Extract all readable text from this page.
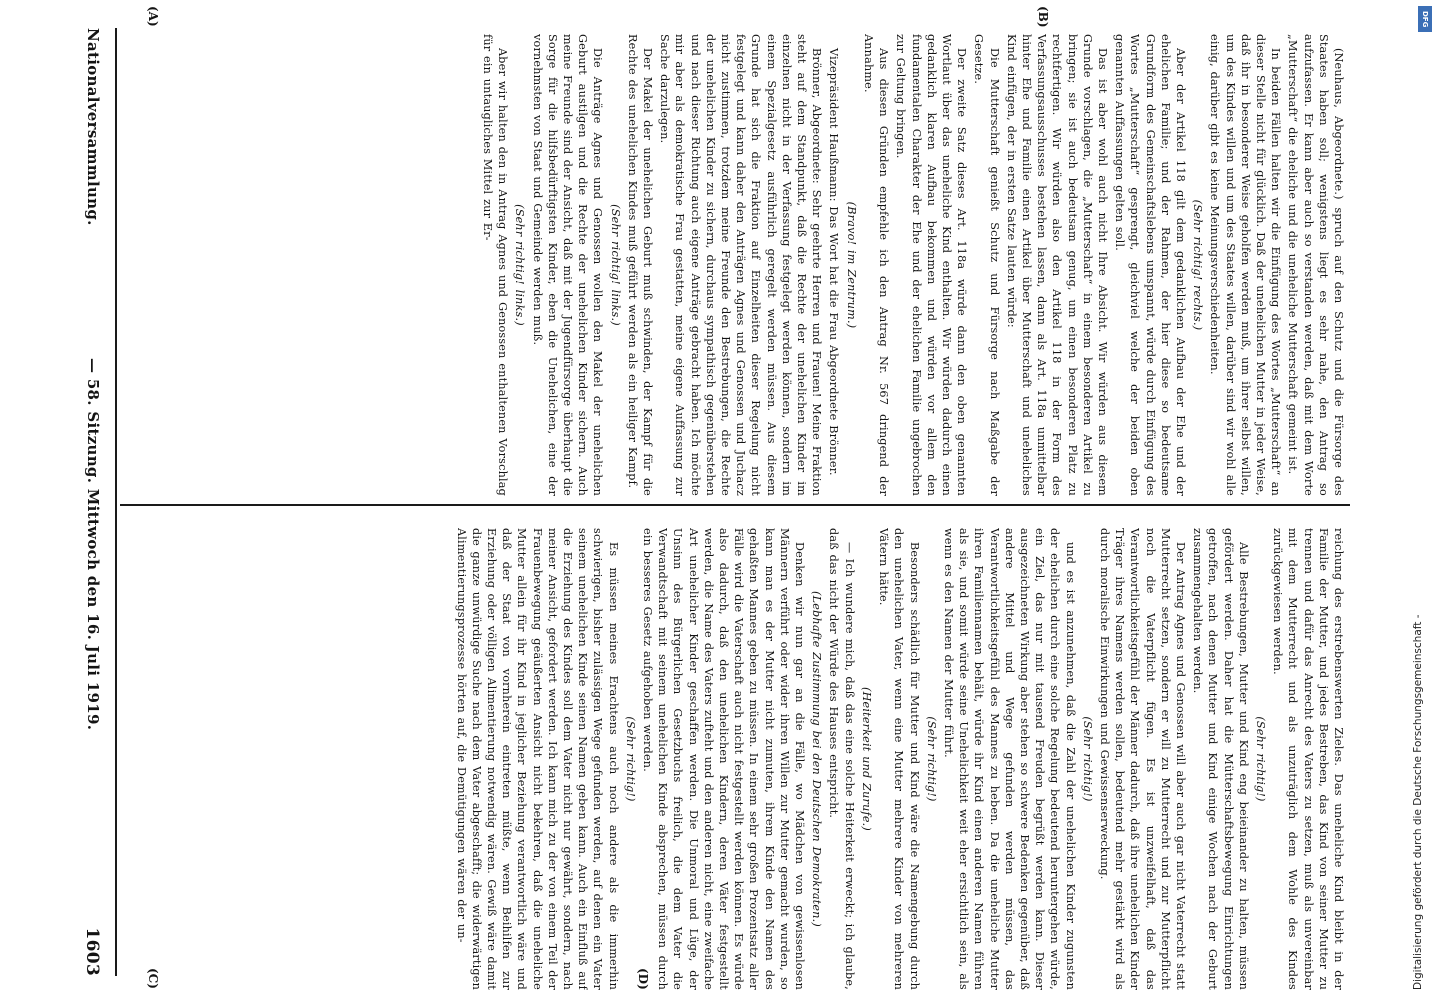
Nationalversammlung.
— 58. Sitzung. Mittwoch den 16. Juli 1919.
1603
(A)	(B)
(C)	(D)

(Neuhaus, Abgeordnete.) spruch auf den Schutz und die Fürsorge des Staates haben soll; wenigstens liegt es sehr nahe, den Antrag so aufzufassen. Er kann aber auch so verstanden werden, daß mit dem Worte „Mutterschaft“ die eheliche und die uneheliche Mutterschaft gemeint ist.

In beiden Fällen halten wir die Einfügung des Wortes „Mutterschaft“ an dieser Stelle nicht für glücklich. Daß der unehelichen Mutter in jeder Weise, daß ihr in besonderer Weise geholfen werden muß, um ihrer selbst willen, um des Kindes willen und um des Staates willen, darüber sind wir wohl alle einig, darüber gibt es keine Meinungsverschiedenheiten.

(Sehr richtig! rechts.)

Aber der Artikel 118 gilt dem gedanklichen Aufbau der Ehe und der ehelichen Familie; und der Rahmen, der hier diese so bedeutsame Grundform des Gemeinschaftslebens umspannt, würde durch Einfügung des Wortes „Mutterschaft“ gesprengt, gleichviel welche der beiden oben genannten Auffassungen gelten soll.

Das ist aber wohl auch nicht Ihre Absicht. Wir würden aus diesem Grunde vorschlagen, die „Mutterschaft“ in einem besonderen Artikel zu bringen; sie ist auch bedeutsam genug, um einen besonderen Platz zu rechtfertigen. Wir würden also den Artikel 118 in der Form des Verfassungsausschusses bestehen lassen, dann als Art. 118a unmittelbar hinter Ehe und Familie einen Artikel über Mutterschaft und uneheliches Kind einfügen, der in ersten Satze lauten würde:

Die Mutterschaft genießt Schutz und Fürsorge nach Maßgabe der Gesetze.

Der zweite Satz dieses Art. 118a würde dann den oben genannten Wortlaut über das uneheliche Kind enthalten. Wir würden dadurch einen gedanklich klaren Aufbau bekommen und würden vor allem den fundamentalen Charakter der Ehe und der ehelichen Familie ungebrochen zur Geltung bringen.

Aus diesen Gründen empfehle ich den Antrag Nr. 567 dringend der Annahme.

(Bravo! im Zentrum.)

Vizepräsident Haußmann: Das Wort hat die Frau Abgeordnete Brönner.

Brönner, Abgeordnete: Sehr geehrte Herren und Frauen! Meine Fraktion steht auf dem Standpunkt, daß die Rechte der unehelichen Kinder im einzelnen nicht in der Verfassung festgelegt werden können, sondern im einem Spezialgesetz ausführlich geregelt werden müssen. Aus diesem Grunde hat sich die Fraktion auf Einzelheiten dieser Regelung nicht festgelegt und kann daher den Anträgen Agnes und Genossen und Juchacz nicht zustimmen, trotzdem meine Freunde den Bestrebungen, die Rechte der unehelichen Kinder zu sichern, durchaus sympathisch gegenüberstehen und nach dieser Richtung auch eigene Anträge gebracht haben. Ich möchte mir aber als demokratische Frau gestatten, meine eigene Auffassung zur Sache darzulegen.

Der Makel der unehelichen Geburt muß schwinden, der Kampf für die Rechte des unehelichen Kindes muß geführt werden als ein heiliger Kampf.

(Sehr richtig! links.)

Die Anträge Agnes und Genossen wollen den Makel der unehelichen Geburt austilgen und die Rechte der unehelichen Kinder sichern. Auch meine Freunde sind der Ansicht, daß mit der Jugendfürsorge überhaupt die Sorge für die hilfsbedürftigsten Kinder, eben die Unehelichen, eine der vornehmsten von Staat und Gemeinde werden muß.

(Sehr richtig! links.)

Aber wir halten den in Antrag Agnes und Genossen enthaltenen Vorschlag für ein untaugliches Mittel zur Er-

reichung des erstrebenswerten Zieles. Das uneheliche Kind bleibt in der Familie der Mutter, und jedes Bestreben, das Kind von seiner Mutter zu trennen und dafür das Anrecht des Vaters zu setzen, muß als unvereinbar mit dem Mutterrecht und als unzuträglich dem Wohle des Kindes zurückgewiesen werden.

(Sehr richtig!)

Alle Bestrebungen, Mutter und Kind eng beieinander zu halten, müssen gefördert werden. Daher hat die Mütterschaftsbewegung Einrichtungen getroffen, nach denen Mutter und Kind einige Wochen nach der Geburt zusammengehalten werden.

Der Antrag Agnes und Genossen will aber auch gar nicht Vaterrecht statt Mutterrecht setzen, sondern er will zu Mutterrecht und zur Mutterpflicht noch die Vaterpflicht fügen. Es ist unzweifelhaft, daß das Verantwortlichkeitsgefühl der Männer dadurch, daß ihre unehelichen Kinder Träger ihres Namens werden sollen, bedeutend mehr gestärkt wird als durch moralische Einwirkungen und Gewissenserweckung.

(Sehr richtig!)

und es ist anzunehmen, daß die Zahl der unehelichen Kinder zugunsten der ehelichen durch eine solche Regelung bedeutend heruntergehen würde, ein Ziel, das nur mit tausend Freuden begrüßt werden kann. Dieser ausgezeichneten Wirkung aber stehen so schwere Bedenken gegenüber, daß andere Mittel und Wege gefunden werden müssen, das Verantwortlichkeitsgefühl des Mannes zu heben. Da die uneheliche Mutter ihren Familiennamen behält, würde ihr Kind einen anderen Namen führen als sie, und somit würde seine Unehelichkeit weit eher ersichtlich sein, als wenn es den Namen der Mutter führt.

(Sehr richtig!)

Besonders schädlich für Mutter und Kind wäre die Namengebung durch den unehelichen Vater, wenn eine Mutter mehrere Kinder von mehreren Vätern hätte.

(Heiterkeit und Zurufe.)

— Ich wundere mich, daß das eine solche Heiterkeit erweckt; ich glaube, daß das nicht der Würde des Hauses entspricht.

(Lebhafte Zustimmung bei den Deutschen Demokraten.)

Denken wir nun gar an die Fälle, wo Mädchen von gewissenlosen Männern verführt oder wider ihren Willen zur Mutter gemacht wurden, so kann man es der Mutter nicht zumuten, ihrem Kinde den Namen des gehaßten Mannes geben zu müssen. In einem sehr großen Prozentsatz aller Fälle wird die Vaterschaft auch nicht festgestellt werden können. Es würde also dadurch, daß den unehelichen Kindern, deren Väter festgestellt werden, die Name des Vaters zufteht und den anderen nicht, eine zweifache Art unehelicher Kinder geschaffen werden. Die Unmoral und Lüge, der Unsinn des Bürgerlichen Gesetzbuchs freilich, die dem Vater die Verwandtschaft mit seinem unehelichen Kinde absprechen, müssen durch ein besseres Gesetz aufgehoben werden.

(Sehr richtig!)

Es müssen meines Erachtens auch noch andere als die immerhin schwierigen, bisher zulässigen Wege gefunden werden, auf denen ein Vater seinem unehelichen Kinde seinen Namen geben kann. Auch ein Einfluß auf die Erziehung des Kindes soll dem Vater nicht nur gewährt, sondern, nach meiner Ansicht, gefordert werden. Ich kann mich zu der von einem Teil der Frauenbewegung geäußerten Ansicht nicht bekehren, daß die uneheliche Mutter allein für ihr Kind in jeglicher Beziehung verantwortlich wäre und daß der Staat von vornherein eintreten müßte, wenn Beihilfen zur Erziehung oder völligen Alimentierung notwendig wären. Gewiß wäre damit die ganze unwürdige Suche nach dem Vater abgeschafft; die widerwärtigen Alimentierungsprozesse hörten auf, die Demütigungen wären der un-	Digitalisierung gefördert durch die Deutsche Forschungsgemeinschaft -
DFG
